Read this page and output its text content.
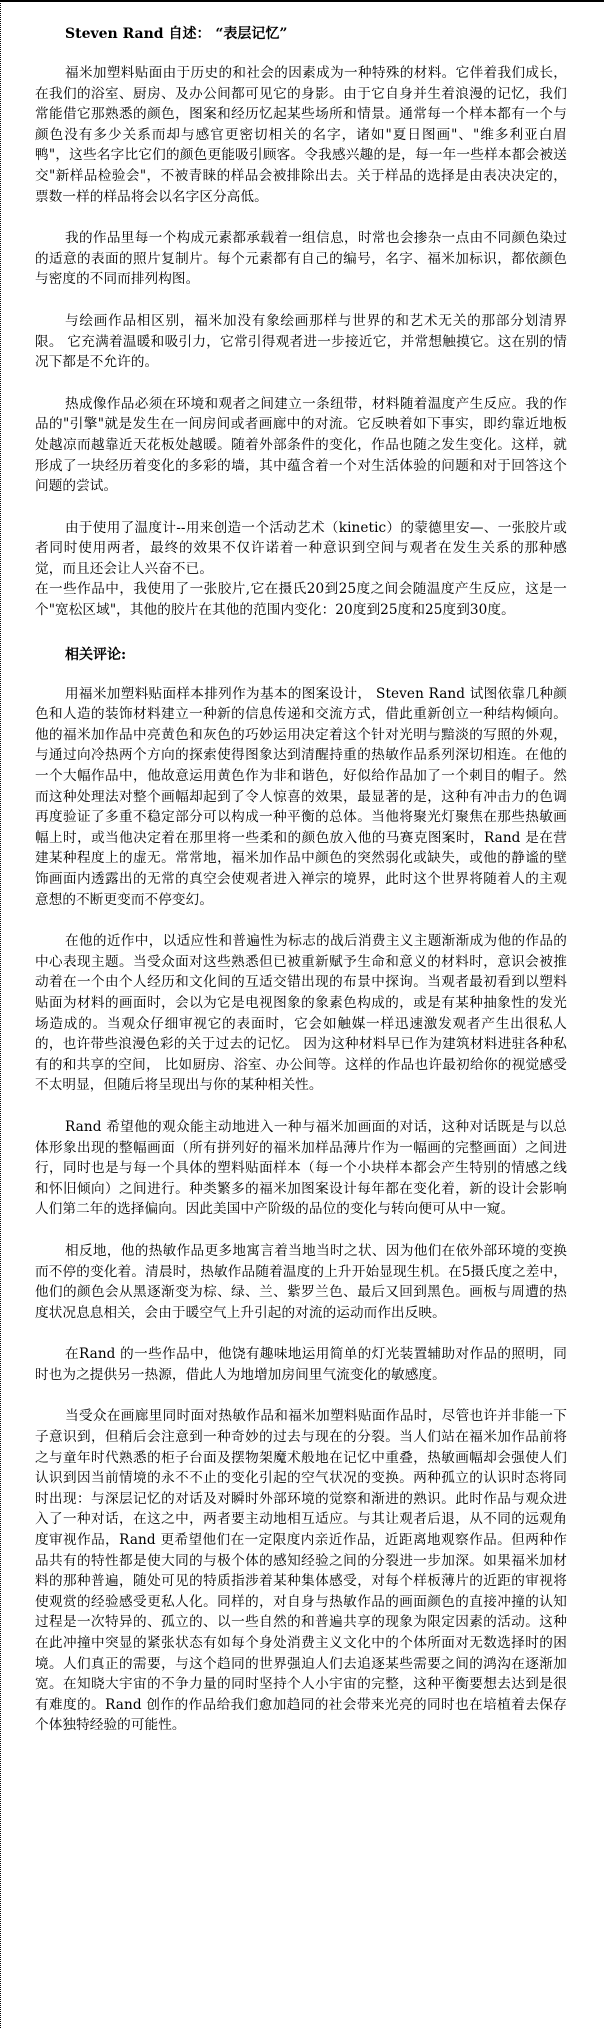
Steven Rand 自述： “表层记忆”

福米加塑料贴面由于历史的和社会的因素成为一种特殊的材料。它伴着我们成长，在我们的浴室、厨房、及办公间都可见它的身影。由于它自身并生着浪漫的记忆，我们常能借它那熟悉的颜色，图案和经历忆起某些场所和情景。通常每一个样本都有一个与颜色没有多少关系而却与感官更密切相关的名字，诸如"夏日图画"、"维多利亚白眉鸭"，这些名字比它们的颜色更能吸引顾客。令我感兴趣的是，每一年一些样本都会被送交"新样品检验会"，不被青睐的样品会被排除出去。关于样品的选择是由表决决定的，票数一样的样品将会以名字区分高低。

我的作品里每一个构成元素都承载着一组信息，时常也会掺杂一点由不同颜色染过的适意的表面的照片复制片。每个元素都有自己的编号，名字、福米加标识，都依颜色与密度的不同而排列构图。

与绘画作品相区别，福米加没有象绘画那样与世界的和艺术无关的那部分划清界限。 它充满着温暖和吸引力，它常引得观者进一步接近它，并常想触摸它。这在别的情况下都是不允许的。

热成像作品必须在环境和观者之间建立一条纽带，材料随着温度产生反应。我的作品的"引擎"就是发生在一间房间或者画廊中的对流。它反映着如下事实，即约靠近地板处越凉而越靠近天花板处越暖。随着外部条件的变化，作品也随之发生变化。这样，就形成了一块经历着变化的多彩的墙，其中蕴含着一个对生活体验的问题和对于回答这个问题的尝试。

由于使用了温度计--用来创造一个活动艺术（kinetic）的蒙德里安—、一张胶片或者同时使用两者，最终的效果不仅许诺着一种意识到空间与观者在发生关系的那种感觉，而且还会让人兴奋不已。

在一些作品中，我使用了一张胶片,它在摄氏20到25度之间会随温度产生反应，这是一个"宽松区域"，其他的胶片在其他的范围内变化：20度到25度和25度到30度。

相关评论:

用福米加塑料贴面样本排列作为基本的图案设计， Steven Rand 试图依靠几种颜色和人造的装饰材料建立一种新的信息传递和交流方式，借此重新创立一种结构倾向。 他的福米加作品中亮黄色和灰色的巧妙运用决定着这个针对光明与黯淡的写照的外观，与通过向冷热两个方向的探索使得图象达到清醒持重的热敏作品系列深切相连。在他的一个大幅作品中，他故意运用黄色作为非和谐色，好似给作品加了一个刺目的帽子。然而这种处理法对整个画幅却起到了令人惊喜的效果，最显著的是，这种有冲击力的色调再度验证了多重不稳定部分可以构成一种平衡的总体。当他将聚光灯聚焦在那些热敏画幅上时，或当他决定着在那里将一些柔和的颜色放入他的马赛克图案时，Rand 是在营建某种程度上的虚无。常常地，福米加作品中颜色的突然弱化或缺失，或他的静谧的壁饰画面内透露出的无常的真空会使观者进入禅宗的境界，此时这个世界将随着人的主观意想的不断更变而不停变幻。

在他的近作中，以适应性和普遍性为标志的战后消费主义主题渐渐成为他的作品的中心表现主题。当受众面对这些熟悉但已被重新赋予生命和意义的材料时，意识会被推动着在一个由个人经历和文化间的互适交错出现的布景中探询。当观者最初看到以塑料贴面为材料的画面时，会以为它是电视图象的象素色构成的，或是有某种抽象性的发光场造成的。当观众仔细审视它的表面时，它会如触媒一样迅速激发观者产生出很私人的，也许带些浪漫色彩的关于过去的记忆。 因为这种材料早已作为建筑材料进驻各种私有的和共享的空间， 比如厨房、浴室、办公间等。这样的作品也许最初给你的视觉感受不太明显，但随后将呈现出与你的某种相关性。

Rand 希望他的观众能主动地进入一种与福米加画面的对话，这种对话既是与以总体形象出现的整幅画面（所有拼列好的福米加样品薄片作为一幅画的完整画面）之间进行，同时也是与每一个具体的塑料贴面样本（每一个小块样本都会产生特别的情感之线和怀旧倾向）之间进行。种类繁多的福米加图案设计每年都在变化着，新的设计会影响人们第二年的选择偏向。因此美国中产阶级的品位的变化与转向便可从中一窥。

相反地，他的热敏作品更多地寓言着当地当时之状、因为他们在依外部环境的变换而不停的变化着。清晨时，热敏作品随着温度的上升开始显现生机。在5摄氏度之差中，他们的颜色会从黑逐渐变为棕、绿、兰、紫罗兰色、最后又回到黑色。画板与周遭的热度状况息息相关，会由于暖空气上升引起的对流的运动而作出反映。

在Rand 的一些作品中，他饶有趣味地运用简单的灯光装置辅助对作品的照明，同时也为之提供另一热源，借此人为地增加房间里气流变化的敏感度。

当受众在画廊里同时面对热敏作品和福米加塑料贴面作品时，尽管也许并非能一下子意识到，但稍后会注意到一种奇妙的过去与现在的分裂。当人们站在福米加作品前将之与童年时代熟悉的柜子台面及摆物架魔术般地在记忆中重叠，热敏画幅却会强使人们认识到因当前情境的永不不止的变化引起的空气状况的变换。两种孤立的认识时态将同时出现：与深层记忆的对话及对瞬时外部环境的觉察和渐进的熟识。此时作品与观众进入了一种对话，在这之中，两者要主动地相互适应。与其让观者后退，从不同的远观角度审视作品，Rand 更希望他们在一定限度内亲近作品，近距离地观察作品。但两种作品共有的特性都是使大同的与极个体的感知经验之间的分裂进一步加深。如果福米加材料的那种普遍，随处可见的特质指涉着某种集体感受，对每个样板薄片的近距的审视将使观赏的经验感受更私人化。同样的，对自身与热敏作品的画面颜色的直接冲撞的认知过程是一次特异的、孤立的、以一些自然的和普遍共享的现象为限定因素的活动。这种在此冲撞中突显的紧张状态有如每个身处消费主义文化中的个体所面对无数选择时的困境。人们真正的需要，与这个趋同的世界强迫人们去追逐某些需要之间的鸿沟在逐渐加宽。在知晓大宇宙的不争力量的同时坚持个人小宇宙的完整，这种平衡要想去达到是很有难度的。Rand 创作的作品给我们愈加趋同的社会带来光亮的同时也在培植着去保存个体独特经验的可能性。
